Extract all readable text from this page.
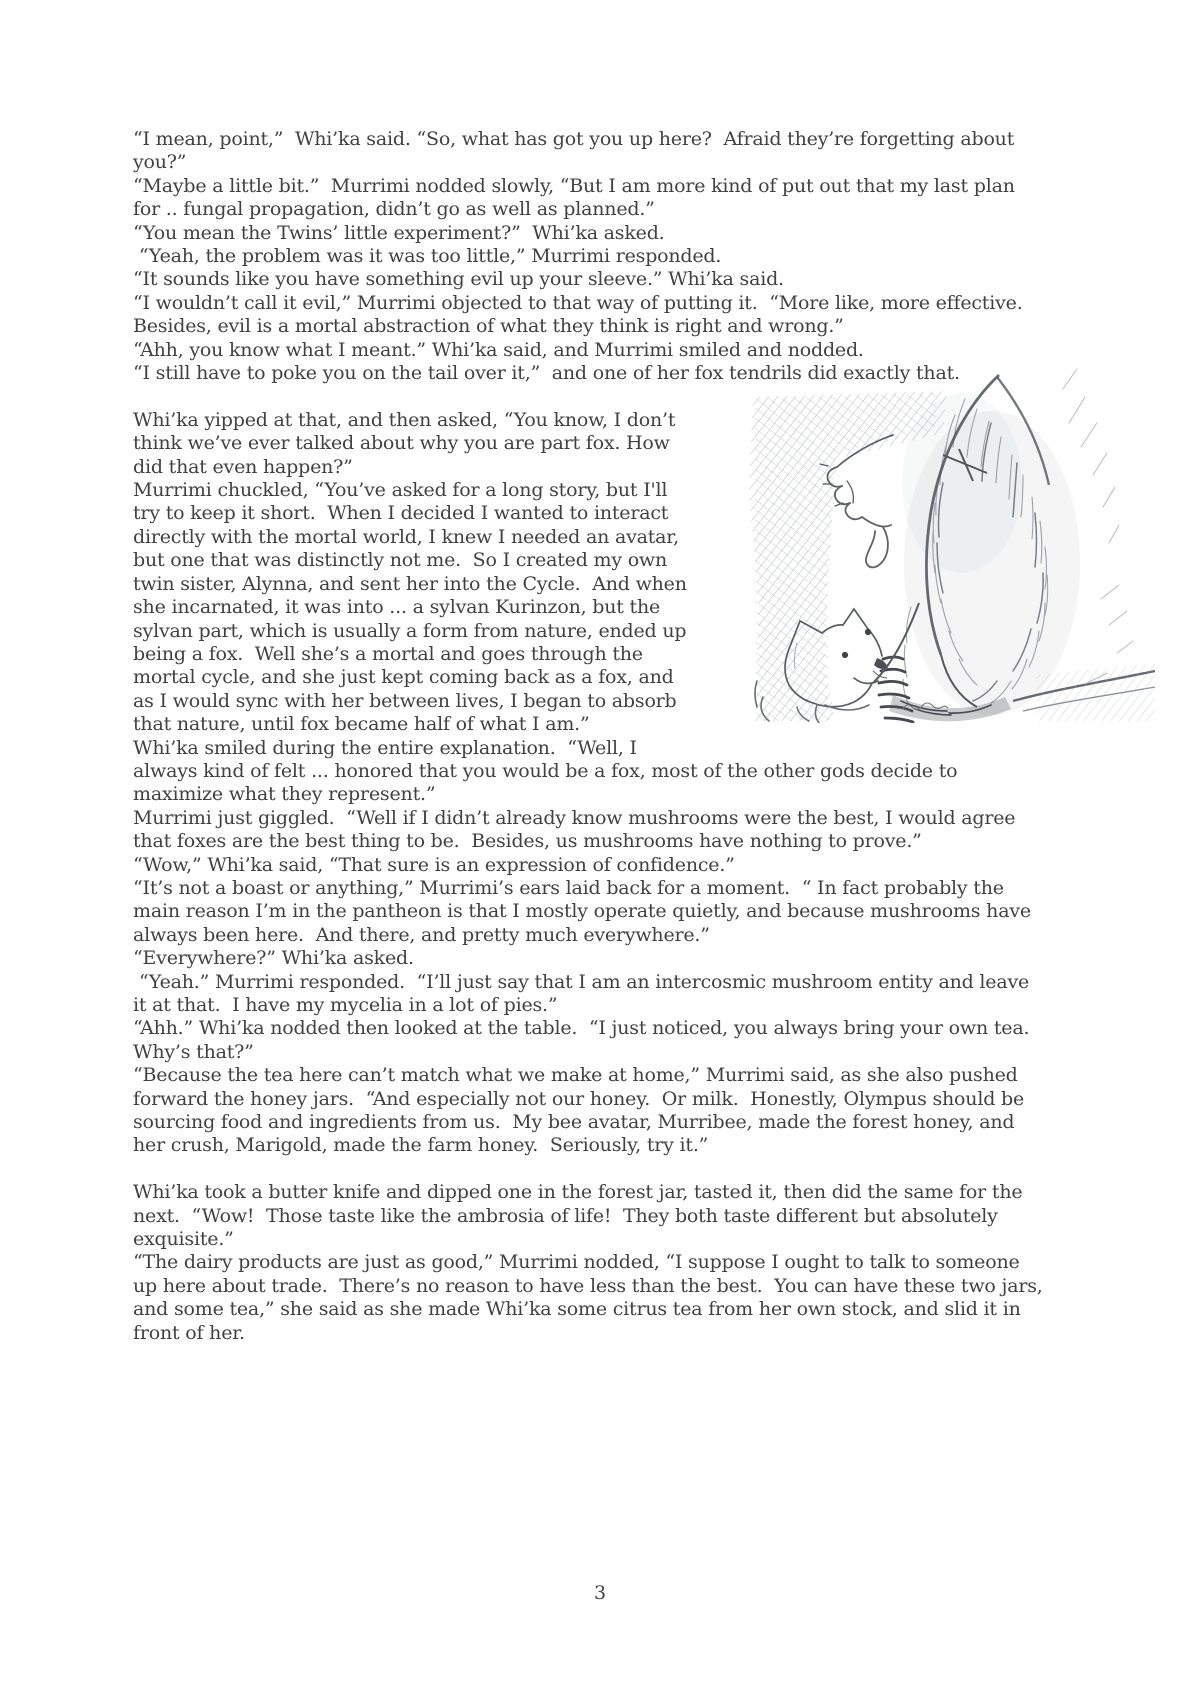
“I mean, point,”  Whi’ka said. “So, what has got you up here?  Afraid they’re forgetting about you?”
“Maybe a little bit.”  Murrimi nodded slowly, “But I am more kind of put out that my last plan for .. fungal propagation, didn’t go as well as planned.”
“You mean the Twins’ little experiment?”  Whi’ka asked.
“Yeah, the problem was it was too little,” Murrimi responded.
“It sounds like you have something evil up your sleeve.” Whi’ka said.
“I wouldn’t call it evil,” Murrimi objected to that way of putting it.  “More like, more effective.  Besides, evil is a mortal abstraction of what they think is right and wrong.”
“Ahh, you know what I meant.” Whi’ka said, and Murrimi smiled and nodded.
“I still have to poke you on the tail over it,”  and one of her fox tendrils did exactly that.
Whi’ka yipped at that, and then asked, “You know, I don’t think we’ve ever talked about why you are part fox. How did that even happen?”
Murrimi chuckled, “You’ve asked for a long story, but I'll try to keep it short.  When I decided I wanted to interact directly with the mortal world, I knew I needed an avatar, but one that was distinctly not me.  So I created my own twin sister, Alynna, and sent her into the Cycle.  And when she incarnated, it was into ... a sylvan Kurinzon, but the sylvan part, which is usually a form from nature, ended up being a fox.  Well she’s a mortal and goes through the mortal cycle, and she just kept coming back as a fox, and as I would sync with her between lives, I began to absorb that nature, until fox became half of what I am.”
Whi’ka smiled during the entire explanation.  “Well, I always kind of felt ... honored that you would be a fox, most of the other gods decide to maximize what they represent.”
Murrimi just giggled.  “Well if I didn’t already know mushrooms were the best, I would agree that foxes are the best thing to be.  Besides, us mushrooms have nothing to prove.”
“Wow,” Whi’ka said, “That sure is an expression of confidence.”
“It’s not a boast or anything,” Murrimi’s ears laid back for a moment.  “ In fact probably the main reason I’m in the pantheon is that I mostly operate quietly, and because mushrooms have always been here.  And there, and pretty much everywhere.”
“Everywhere?” Whi’ka asked.
“Yeah.” Murrimi responded.  “I’ll just say that I am an intercosmic mushroom entity and leave it at that.  I have my mycelia in a lot of pies.”
“Ahh.” Whi’ka nodded then looked at the table.  “I just noticed, you always bring your own tea.  Why’s that?”
“Because the tea here can’t match what we make at home,” Murrimi said, as she also pushed forward the honey jars.  “And especially not our honey.  Or milk.  Honestly, Olympus should be sourcing food and ingredients from us.  My bee avatar, Murribee, made the forest honey, and her crush, Marigold, made the farm honey.  Seriously, try it.”
Whi’ka took a butter knife and dipped one in the forest jar, tasted it, then did the same for the next.  “Wow!  Those taste like the ambrosia of life!  They both taste different but absolutely exquisite.”
“The dairy products are just as good,” Murrimi nodded, “I suppose I ought to talk to someone up here about trade.  There’s no reason to have less than the best.  You can have these two jars, and some tea,” she said as she made Whi’ka some citrus tea from her own stock, and slid it in front of her.
3
